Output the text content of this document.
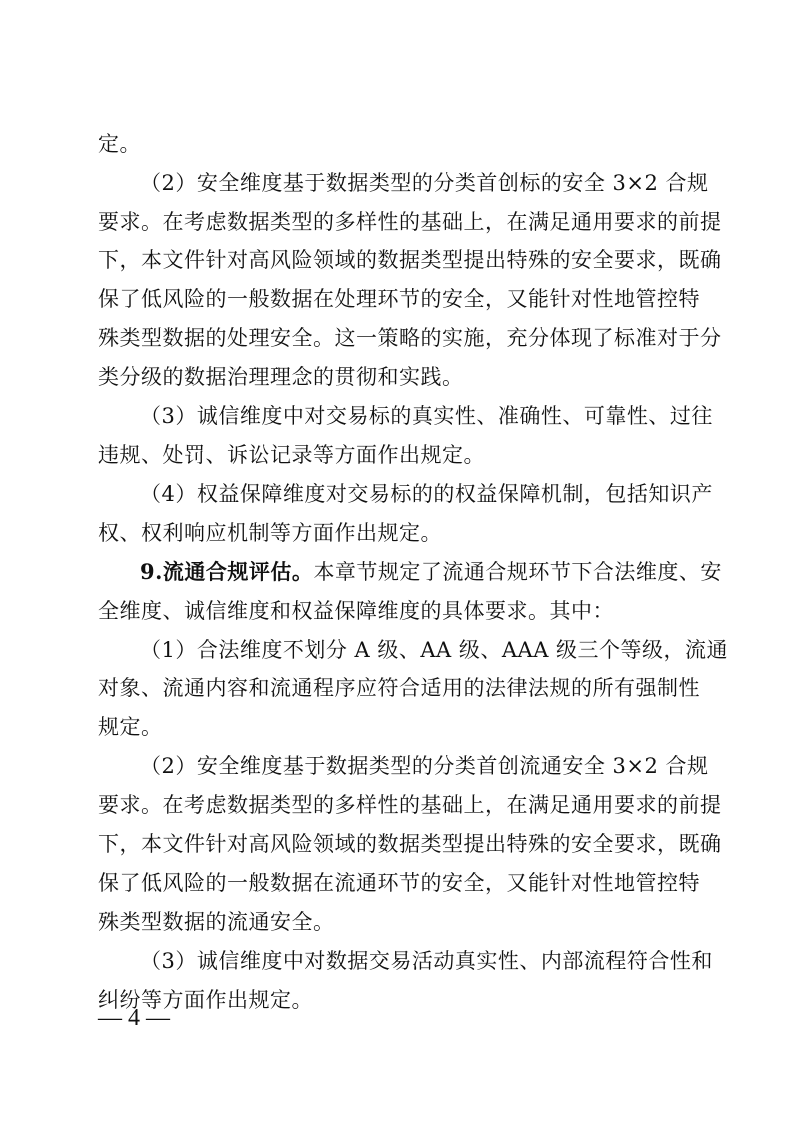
定。
（2）安全维度基于数据类型的分类首创标的安全 3×2 合规
要求。在考虑数据类型的多样性的基础上，在满足通用要求的前提
下，本文件针对高风险领域的数据类型提出特殊的安全要求，既确
保了低风险的一般数据在处理环节的安全，又能针对性地管控特
殊类型数据的处理安全。这一策略的实施，充分体现了标准对于分
类分级的数据治理理念的贯彻和实践。
（3）诚信维度中对交易标的真实性、准确性、可靠性、过往
违规、处罚、诉讼记录等方面作出规定。
（4）权益保障维度对交易标的的权益保障机制，包括知识产
权、权利响应机制等方面作出规定。
9.流通合规评估。本章节规定了流通合规环节下合法维度、安
全维度、诚信维度和权益保障维度的具体要求。其中：
（1）合法维度不划分 A 级、AA 级、AAA 级三个等级，流通
对象、流通内容和流通程序应符合适用的法律法规的所有强制性
规定。
（2）安全维度基于数据类型的分类首创流通安全 3×2 合规
要求。在考虑数据类型的多样性的基础上，在满足通用要求的前提
下，本文件针对高风险领域的数据类型提出特殊的安全要求，既确
保了低风险的一般数据在流通环节的安全，又能针对性地管控特
殊类型数据的流通安全。
（3）诚信维度中对数据交易活动真实性、内部流程符合性和
纠纷等方面作出规定。
— 4 —
